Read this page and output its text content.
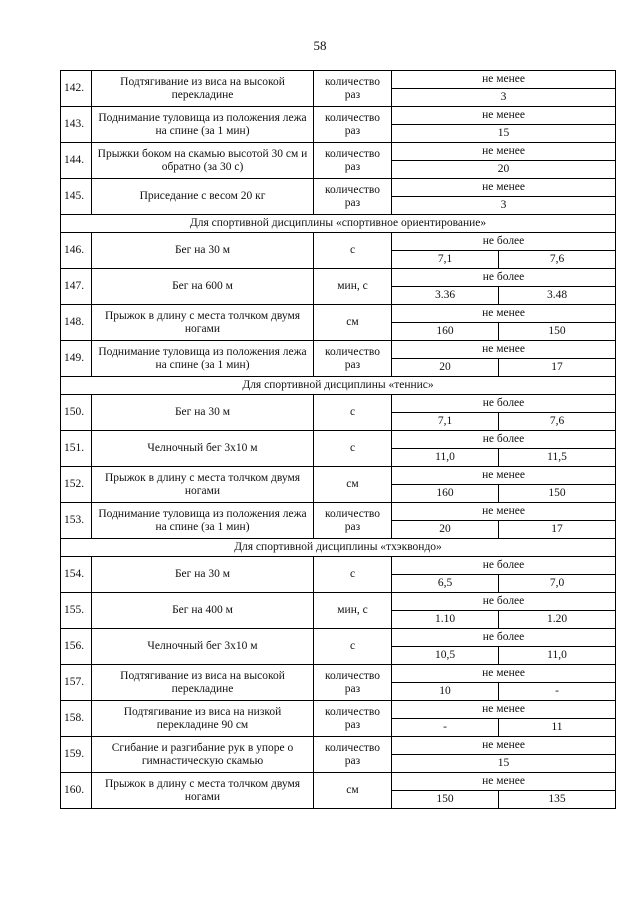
58
142.	Подтягивание из виса на высокой перекладине	количество раз	не менее	
			3	
143.	Поднимание туловища из положения лежа на спине (за 1 мин)	количество раз	не менее	
			15	
144.	Прыжки боком на скамью высотой 30 см и обратно (за 30 с)	количество раз	не менее	
			20	
145.	Приседание с весом 20 кг	количество раз	не менее	
			3	
Для спортивной дисциплины «спортивное ориентирование»				
146.	Бег на 30 м	с	не более	
			7,1	7,6
147.	Бег на 600 м	мин, с	не более	
			3.36	3.48
148.	Прыжок в длину с места толчком двумя ногами	см	не менее	
			160	150
149.	Поднимание туловища из положения лежа на спине (за 1 мин)	количество раз	не менее	
			20	17
Для спортивной дисциплины «теннис»				
150.	Бег на 30 м	с	не более	
			7,1	7,6
151.	Челночный бег 3х10 м	с	не более	
			11,0	11,5
152.	Прыжок в длину с места толчком двумя ногами	см	не менее	
			160	150
153.	Поднимание туловища из положения лежа на спине (за 1 мин)	количество раз	не менее	
			20	17
Для спортивной дисциплины «тхэквондо»				
154.	Бег на 30 м	с	не более	
			6,5	7,0
155.	Бег на 400 м	мин, с	не более	
			1.10	1.20
156.	Челночный бег 3х10 м	с	не более	
			10,5	11,0
157.	Подтягивание из виса на высокой перекладине	количество раз	не менее	
			10	-
158.	Подтягивание из виса на низкой перекладине 90 см	количество раз	не менее	
			-	11
159.	Сгибание и разгибание рук в упоре о гимнастическую скамью	количество раз	не менее	
			15	
160.	Прыжок в длину с места толчком двумя ногами	см	не менее	
			150	135
